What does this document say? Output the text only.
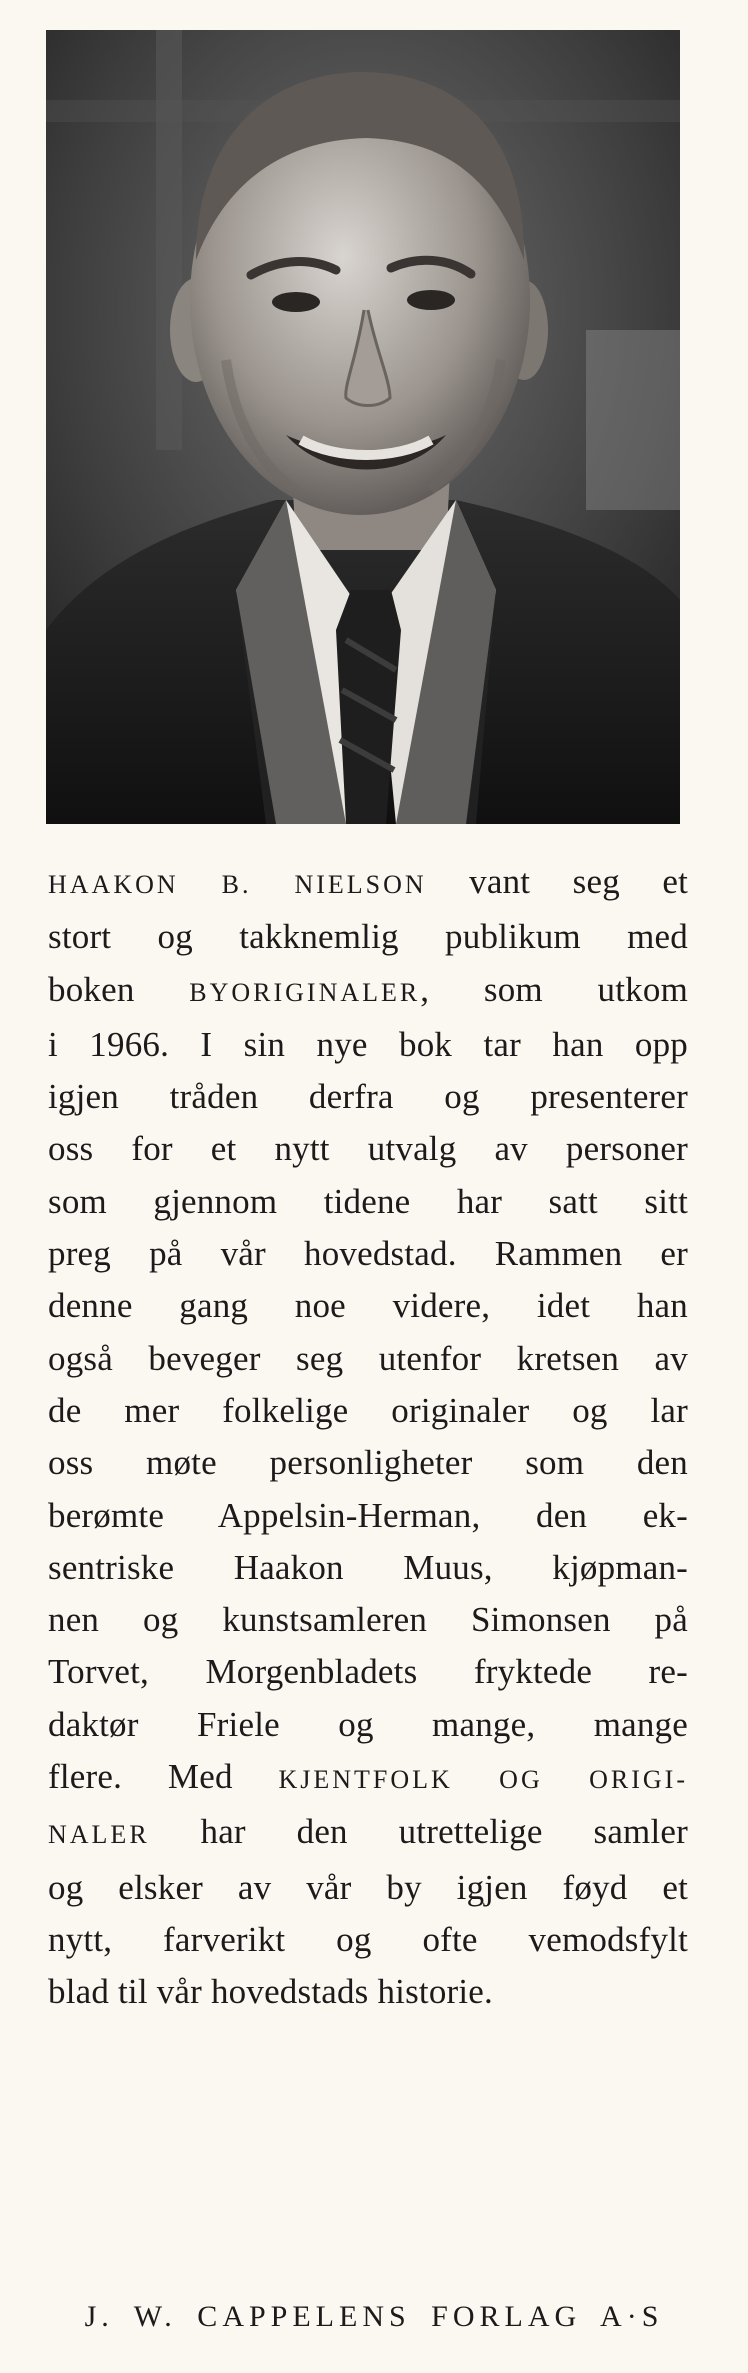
HAAKON B. NIELSON vant seg et
stort og takknemlig publikum med
boken BYORIGINALER, som utkom
i 1966. I sin nye bok tar han opp
igjen tråden derfra og presenterer
oss for et nytt utvalg av personer
som gjennom tidene har satt sitt
preg på vår hovedstad. Rammen er
denne gang noe videre, idet han
også beveger seg utenfor kretsen av
de mer folkelige originaler og lar
oss møte personligheter som den
berømte Appelsin-Herman, den ek-
sentriske Haakon Muus, kjøpman-
nen og kunstsamleren Simonsen på
Torvet, Morgenbladets fryktede re-
daktør Friele og mange, mange
flere. Med KJENTFOLK OG ORIGI-
NALER har den utrettelige samler
og elsker av vår by igjen føyd et
nytt, farverikt og ofte vemodsfylt
blad til vår hovedstads historie.
J. W. CAPPELENS FORLAG A·S
